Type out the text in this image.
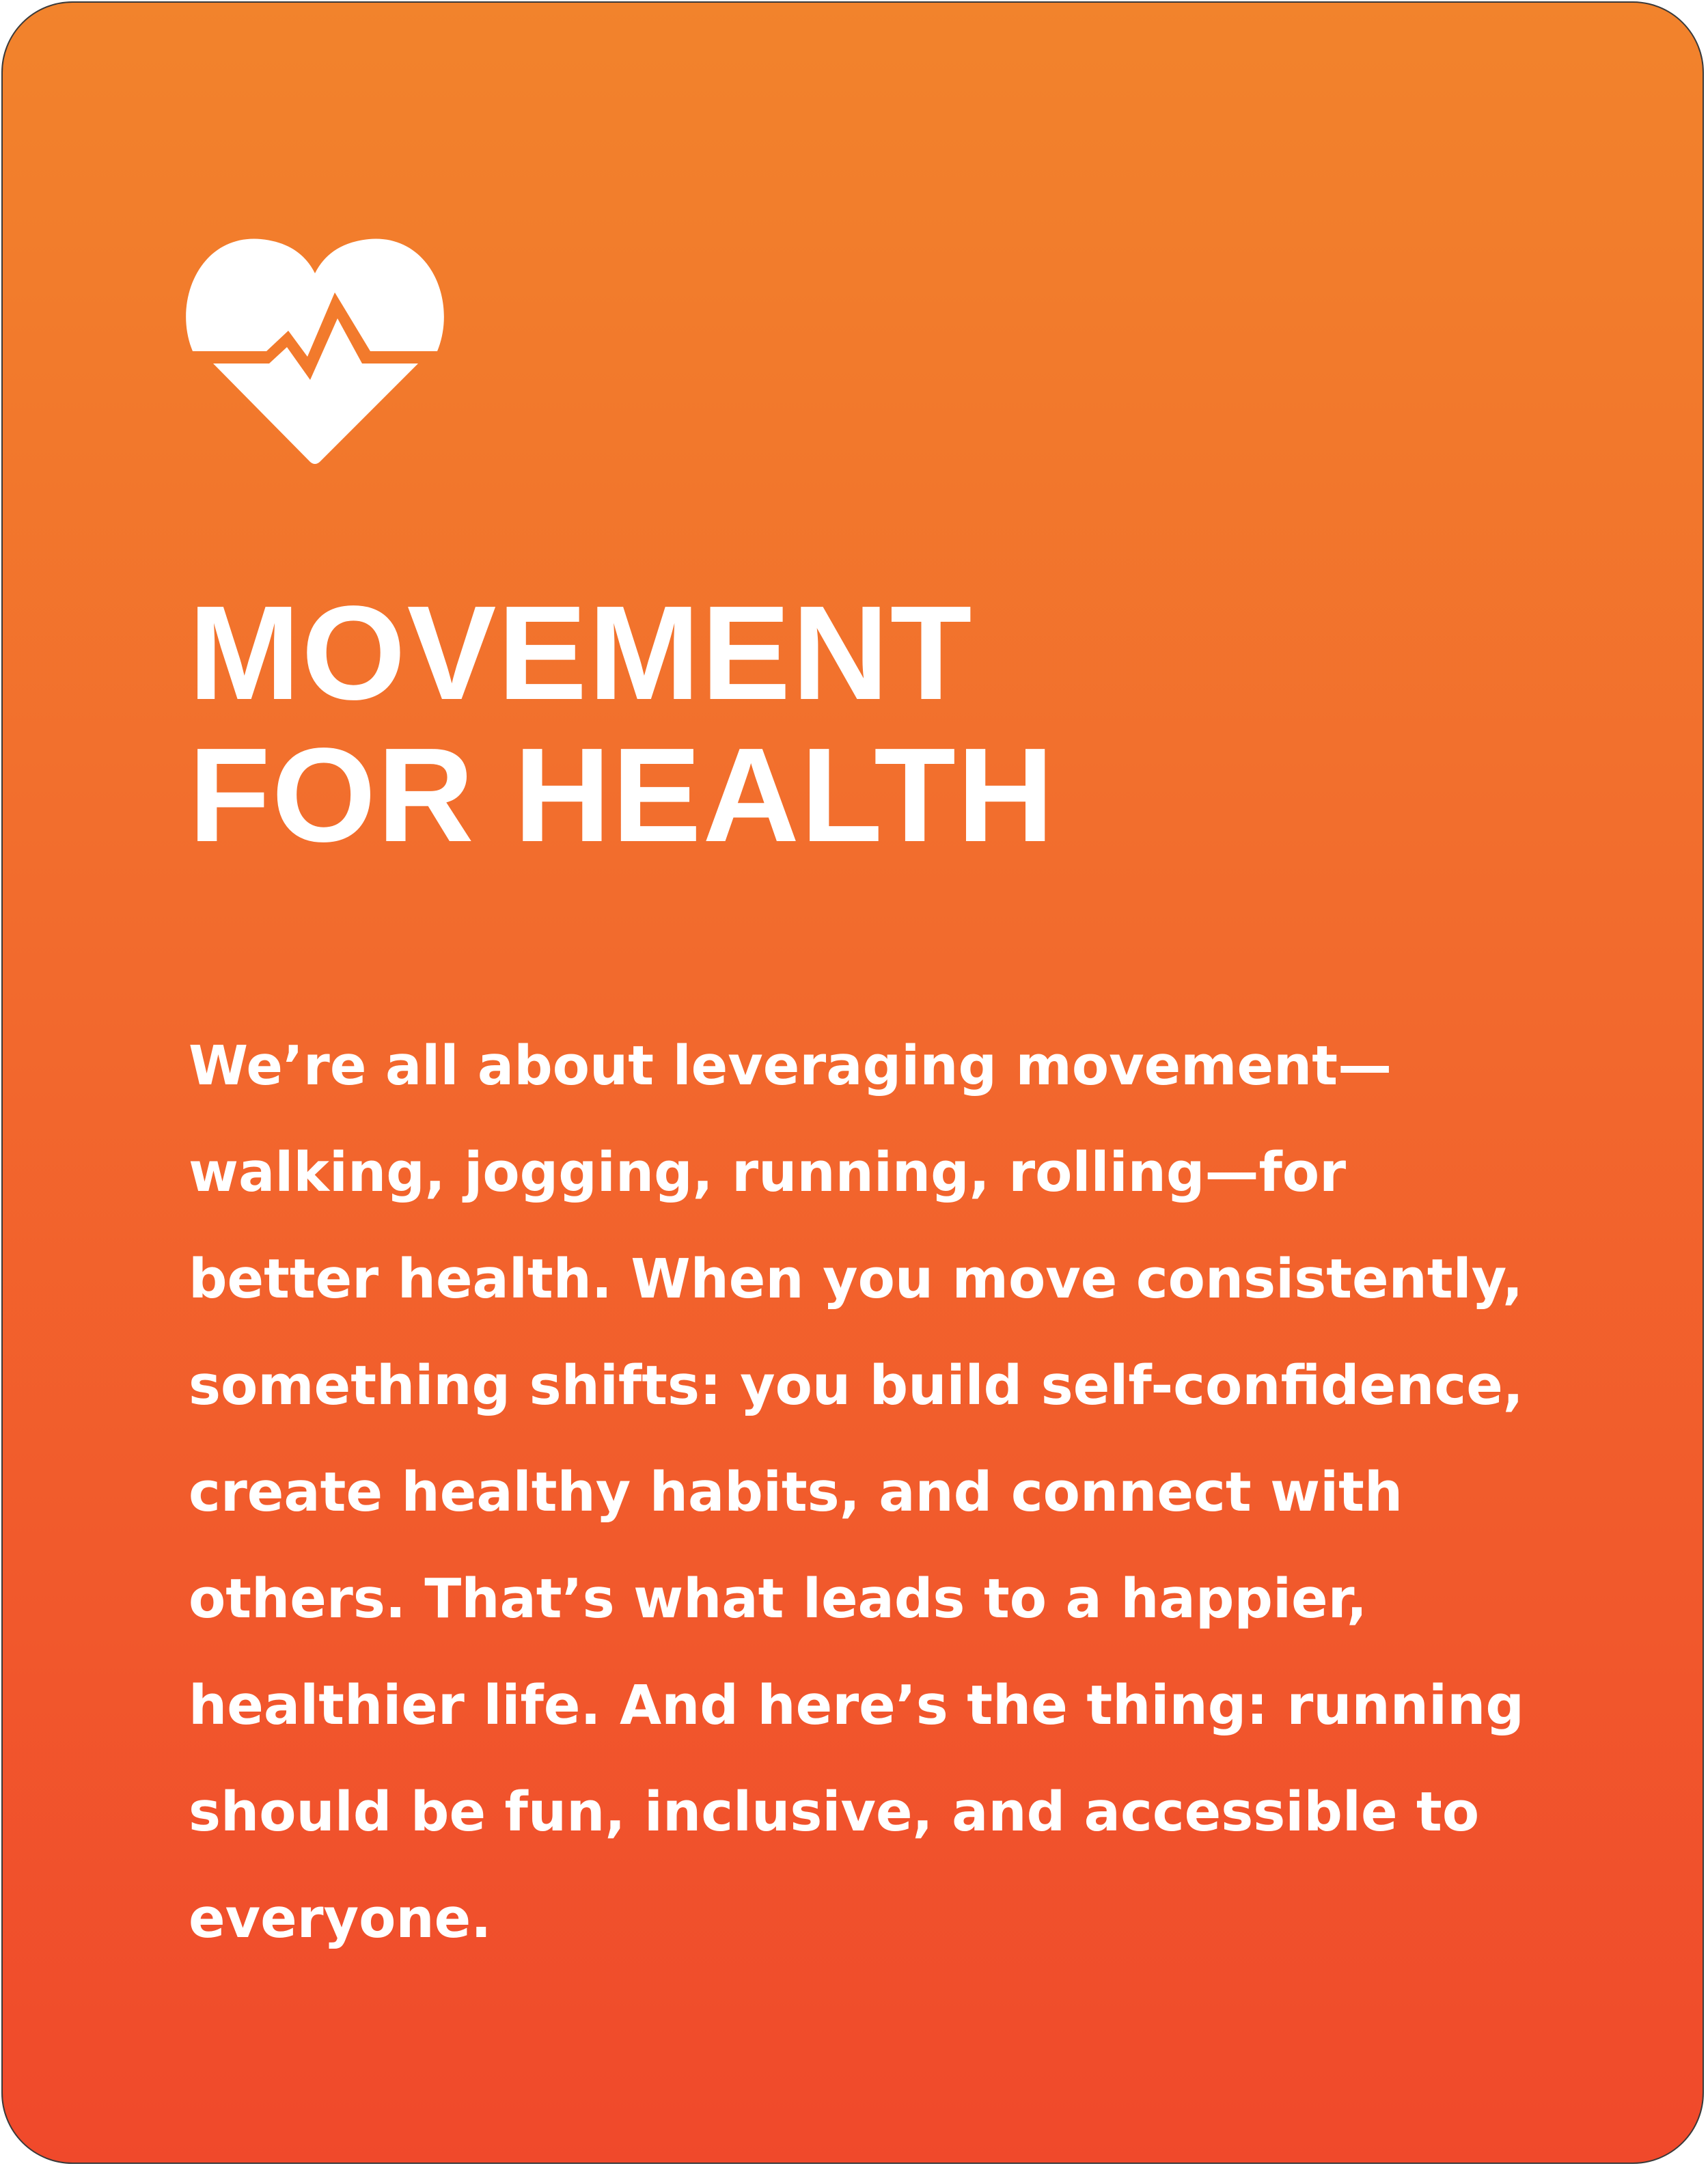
MOVEMENT
FOR HEALTH
We’re all about leveraging movement—
walking, jogging, running, rolling—for
better health. When you move consistently,
something shifts: you build self-confidence,
create healthy habits, and connect with
others. That’s what leads to a happier,
healthier life. And here’s the thing: running
should be fun, inclusive, and accessible to
everyone.
